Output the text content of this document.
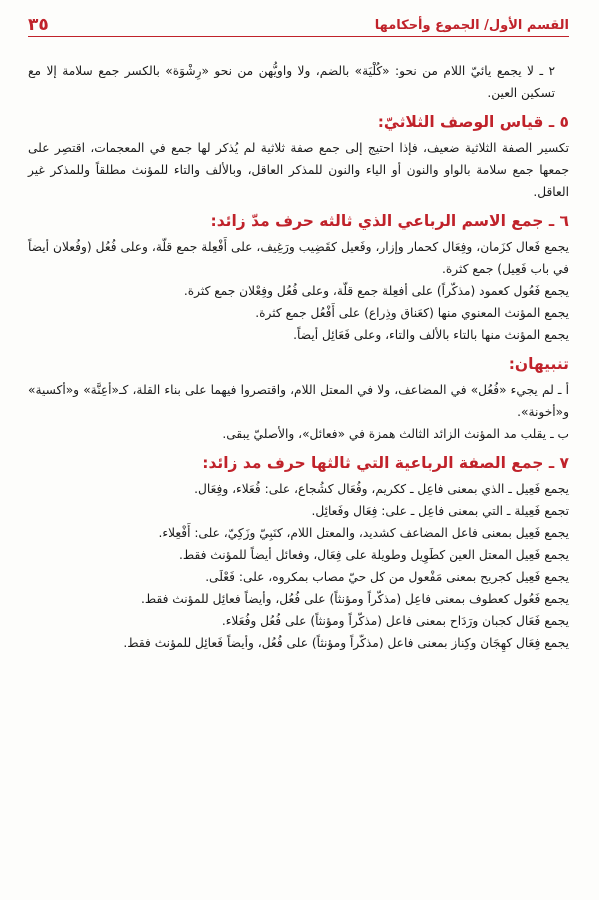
القسم الأول/ الجموع وأحكامها
٣٥

٢ ـ لا يجمع يائيّ اللام من نحو: «كُلْيَة» بالضم، ولا واويُّهن من نحو «رِشْوَة» بالكسر جمع سلامة إلا مع تسكين العين.

٥ ـ قياس الوصف الثلاثيّ:

تكسير الصفة الثلاثية ضعيف، فإذا احتيج إلى جمع صفة ثلاثية لم يُذكر لها جمع في المعجمات، اقتصِر على جمعها جمع سلامة بالواو والنون أو الياء والنون للمذكر العاقل، وبالألف والتاء للمؤنث مطلقاً وللمذكر غير العاقل.

٦ ـ جمع الاسم الرباعي الذي ثالثه حرف مدّ زائد:

يجمع فَعال كزَمان، وفِعَال كحمار وإزار، وفَعيل كقَضِيب ورَغِيف، على أَفْعِلة جمع قلّة، وعلى فُعُل (وفُعلان أيضاً في باب فَعِيل) جمع كثرة.

يجمع فَعُول كعمود (مذكّراً) على أفعِلة جمع قلّة، وعلى فُعُل وفِعْلان جمع كثرة.

يجمع المؤنث المعنوي منها (كعَناق وذِراع) على أَفْعُل جمع كثرة.

يجمع المؤنث منها بالتاء بالألف والتاء، وعلى فَعَائِل أيضاً.

تنبيهان:

أ ـ لم يجيء «فُعُل» في المضاعف، ولا في المعتل اللام، واقتصروا فيهما على بناء القلة، كـ«أعِنَّة» و«أكسية» و«أخونة».

ب ـ يقلب مد المؤنث الزائد الثالث همزة في «فعائل»، والأصليّ يبقى.

٧ ـ جمع الصفة الرباعية التي ثالثها حرف مد زائد:

يجمع فَعِيل ـ الذي بمعنى فاعِل ـ ككريم، وفُعَال كشُجاع، على: فُعَلاء، وفِعَال.

تجمع فَعِيلة ـ التي بمعنى فاعِل ـ على: فِعَال وفَعائِل.

يجمع فَعِيل بمعنى فاعل المضاعف كشديد، والمعتل اللام، كنَبِيّ وزَكِيّ، على: أَفْعِلاء.

يجمع فَعِيل المعتل العين كطَوِيل وطويلة على فِعَال، وفعائل أيضاً للمؤنث فقط.

يجمع فَعِيل كجريح بمعنى مَفْعول من كل حيّ مصاب بمكروه، على: فَعْلَى.

يجمع فَعُول كعطوف بمعنى فاعِل (مذكّراً ومؤنثاً) على فُعُل، وأيضاً فعائِل للمؤنث فقط.

يجمع فَعَال كجبان ورَدَاح بمعنى فاعل (مذكّراً ومؤنثاً) على فُعُل وفُعَلاء.

يجمع فِعَال كهِجَان وكِناز بمعنى فاعل (مذكّراً ومؤنثاً) على فُعُل، وأيضاً فَعائِل للمؤنث فقط.
